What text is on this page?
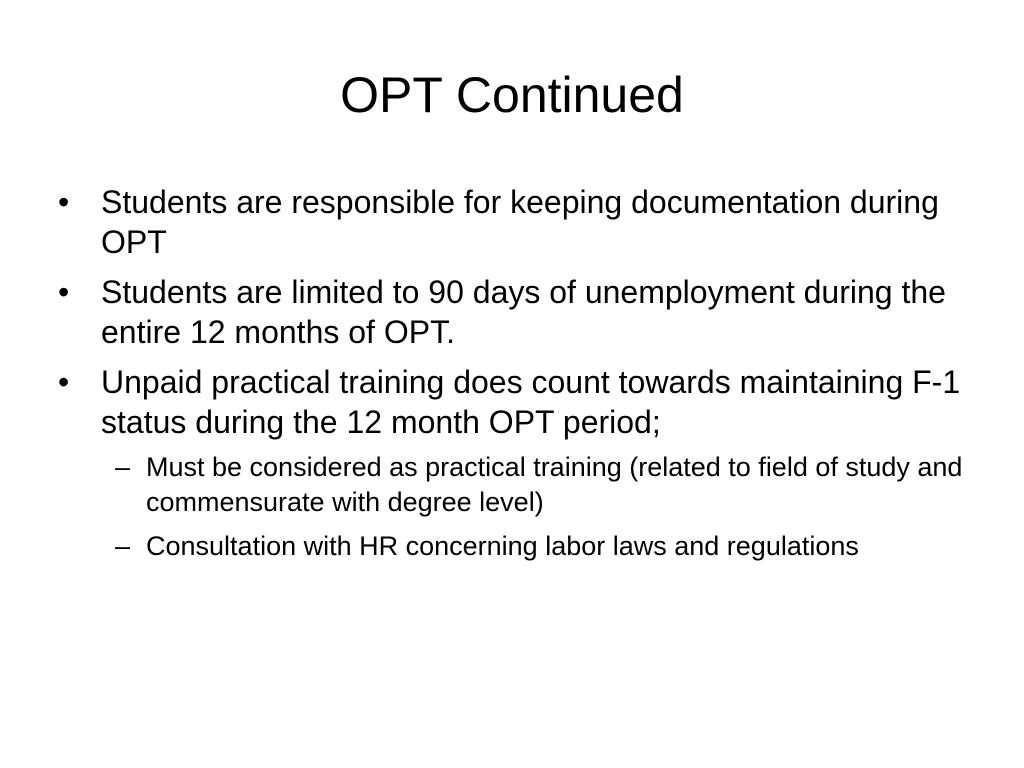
OPT Continued
• Students are responsible for keeping documentation during OPT
• Students are limited to 90 days of unemployment during the entire 12 months of OPT.
• Unpaid practical training does count towards maintaining F-1 status during the 12 month OPT period;
– Must be considered as practical training (related to field of study and commensurate with degree level)
– Consultation with HR concerning labor laws and regulations
